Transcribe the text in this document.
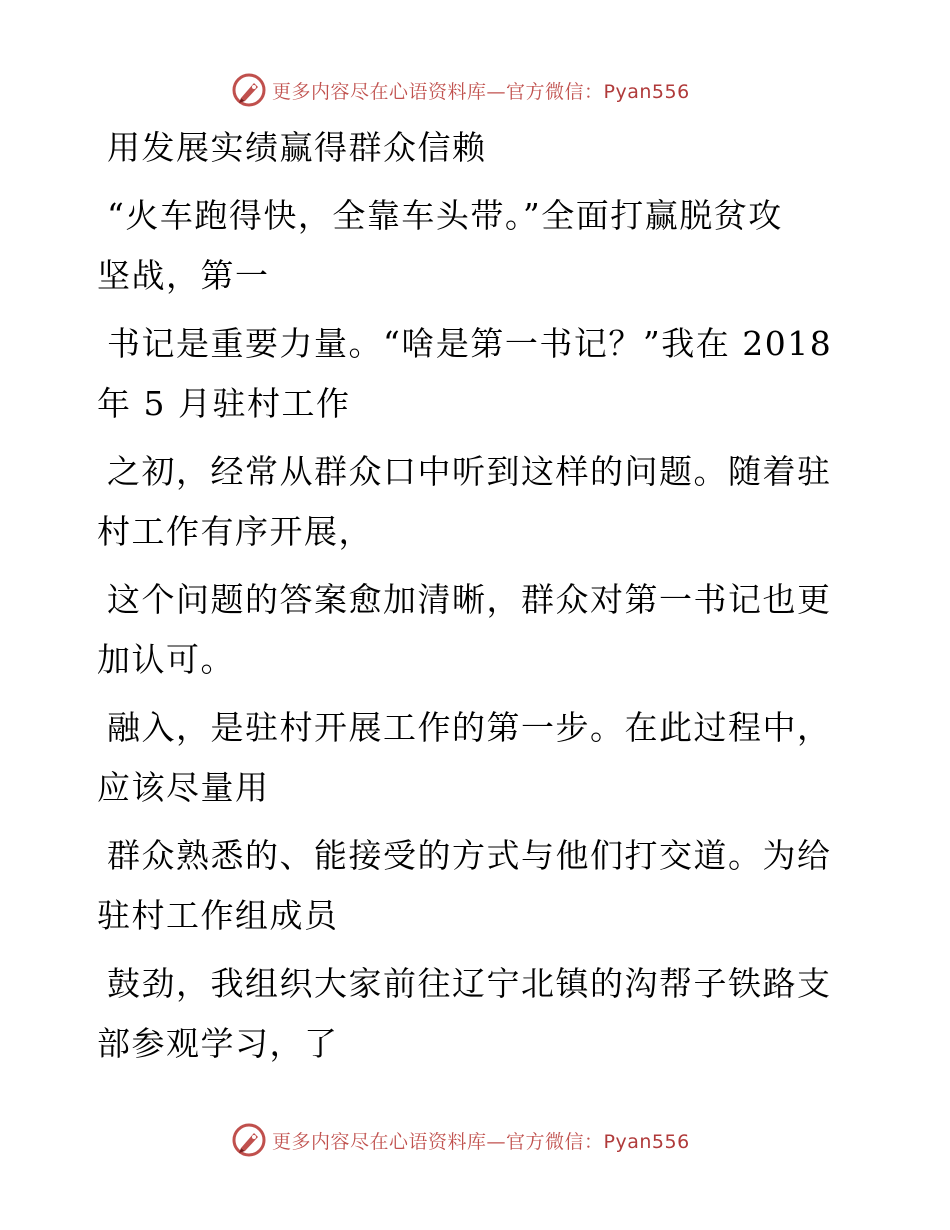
更多内容尽在心语资料库—官方微信：Pyan556
用发展实绩赢得群众信赖
“火车跑得快，全靠车头带。”全面打赢脱贫攻
坚战，第一
书记是重要力量。“啥是第一书记？”我在 2018
年 5 月驻村工作
之初，经常从群众口中听到这样的问题。随着驻
村工作有序开展，
这个问题的答案愈加清晰，群众对第一书记也更
加认可。
融入，是驻村开展工作的第一步。在此过程中，
应该尽量用
群众熟悉的、能接受的方式与他们打交道。为给
驻村工作组成员
鼓劲，我组织大家前往辽宁北镇的沟帮子铁路支
部参观学习，了
更多内容尽在心语资料库—官方微信：Pyan556
